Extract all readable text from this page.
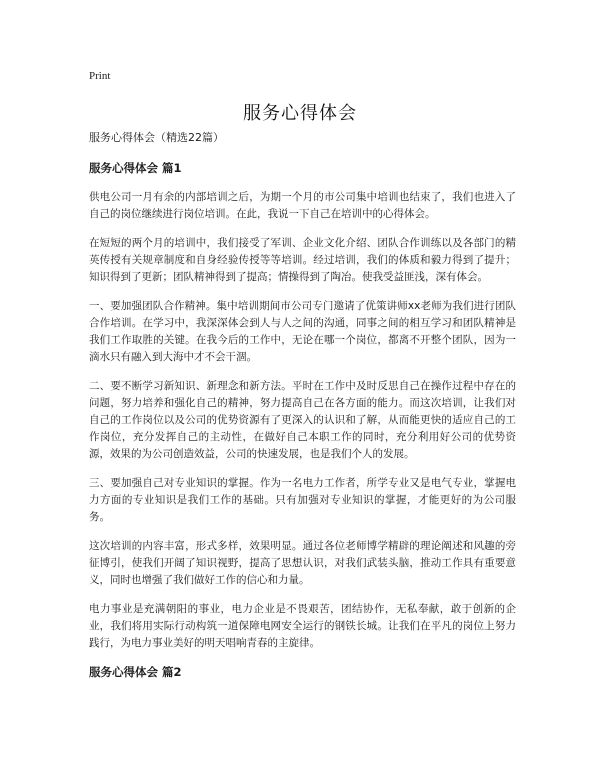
Print
服务心得体会

服务心得体会（精选22篇）

服务心得体会 篇1

供电公司一月有余的内部培训之后，为期一个月的市公司集中培训也结束了，我们也进入了自己的岗位继续进行岗位培训。在此，我说一下自己在培训中的心得体会。

在短短的两个月的培训中，我们接受了军训、企业文化介绍、团队合作训练以及各部门的精英传授有关规章制度和自身经验传授等等培训。经过培训，我们的体质和毅力得到了提升；知识得到了更新；团队精神得到了提高；情操得到了陶冶。使我受益匪浅，深有体会。

一、要加强团队合作精神。集中培训期间市公司专门邀请了优策讲师xx老师为我们进行团队合作培训。在学习中，我深深体会到人与人之间的沟通，同事之间的相互学习和团队精神是我们工作取胜的关键。在我今后的工作中，无论在哪一个岗位，都离不开整个团队，因为一滴水只有融入到大海中才不会干涸。

二、要不断学习新知识、新理念和新方法。平时在工作中及时反思自己在操作过程中存在的问题，努力培养和强化自己的精神，努力提高自己在各方面的能力。而这次培训，让我们对自己的工作岗位以及公司的优势资源有了更深入的认识和了解，从而能更快的适应自己的工作岗位，充分发挥自己的主动性，在做好自己本职工作的同时，充分利用好公司的优势资源，效果的为公司创造效益，公司的快速发展，也是我们个人的发展。

三、要加强自己对专业知识的掌握。作为一名电力工作者，所学专业又是电气专业，掌握电力方面的专业知识是我们工作的基础。只有加强对专业知识的掌握，才能更好的为公司服务。

这次培训的内容丰富，形式多样，效果明显。通过各位老师博学精辟的理论阐述和风趣的旁征博引，使我们开阔了知识视野，提高了思想认识，对我们武装头脑，推动工作具有重要意义，同时也增强了我们做好工作的信心和力量。

电力事业是充满朝阳的事业，电力企业是不畏艰苦，团结协作，无私奉献，敢于创新的企业，我们将用实际行动构筑一道保障电网安全运行的钢铁长城。让我们在平凡的岗位上努力践行，为电力事业美好的明天唱响青春的主旋律。

服务心得体会 篇2
